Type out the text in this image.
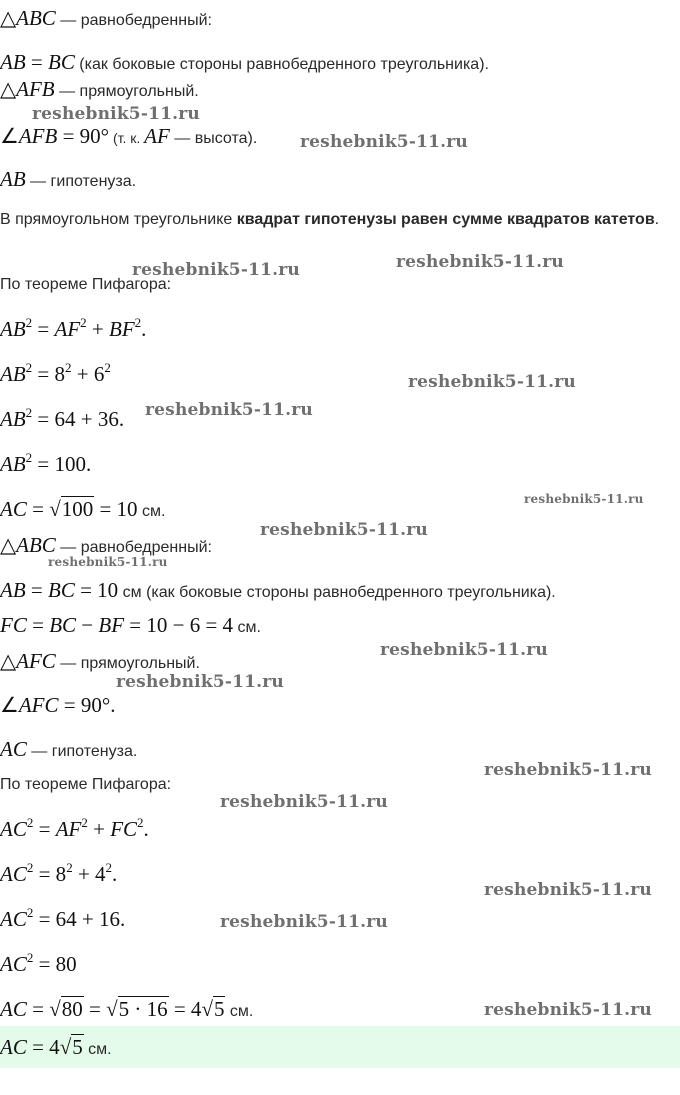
△ABC — равнобедренный:
AB = BC (как боковые стороны равнобедренного треугольника).
△AFB — прямоугольный.
∠AFB = 90° (т. к. AF — высота).
AB — гипотенуза.
В прямоугольном треугольнике квадрат гипотенузы равен сумме квадратов катетов.
По теореме Пифагора:
$AB^2 = AF^2 + BF^2$.
$AB^2 = 8^2 + 6^2$
$AB^2 = 64 + 36$.
$AB^2 = 100$.
AC = √100 = 10 см.
△ABC — равнобедренный:
AB = BC = 10 см (как боковые стороны равнобедренного треугольника).
FC = BC − BF = 10 − 6 = 4 см.
△AFC — прямоугольный.
∠AFC = 90°.
AC — гипотенуза.
По теореме Пифагора:
$AC^2 = AF^2 + FC^2$.
$AC^2 = 8^2 + 4^2$.
$AC^2 = 64 + 16$.
$AC^2 = 80$
AC = √80 = √5 · 16 = 4√5 см.
AC = 4√5 см.
reshebnik5-11.ru
reshebnik5-11.ru
reshebnik5-11.ru	reshebnik5-11.ru
reshebnik5-11.ru
reshebnik5-11.ru
reshebnik5-11.ru
reshebnik5-11.ru
reshebnik5-11.ru
reshebnik5-11.ru
reshebnik5-11.ru
reshebnik5-11.ru
reshebnik5-11.ru
reshebnik5-11.ru
reshebnik5-11.ru
reshebnik5-11.ru
